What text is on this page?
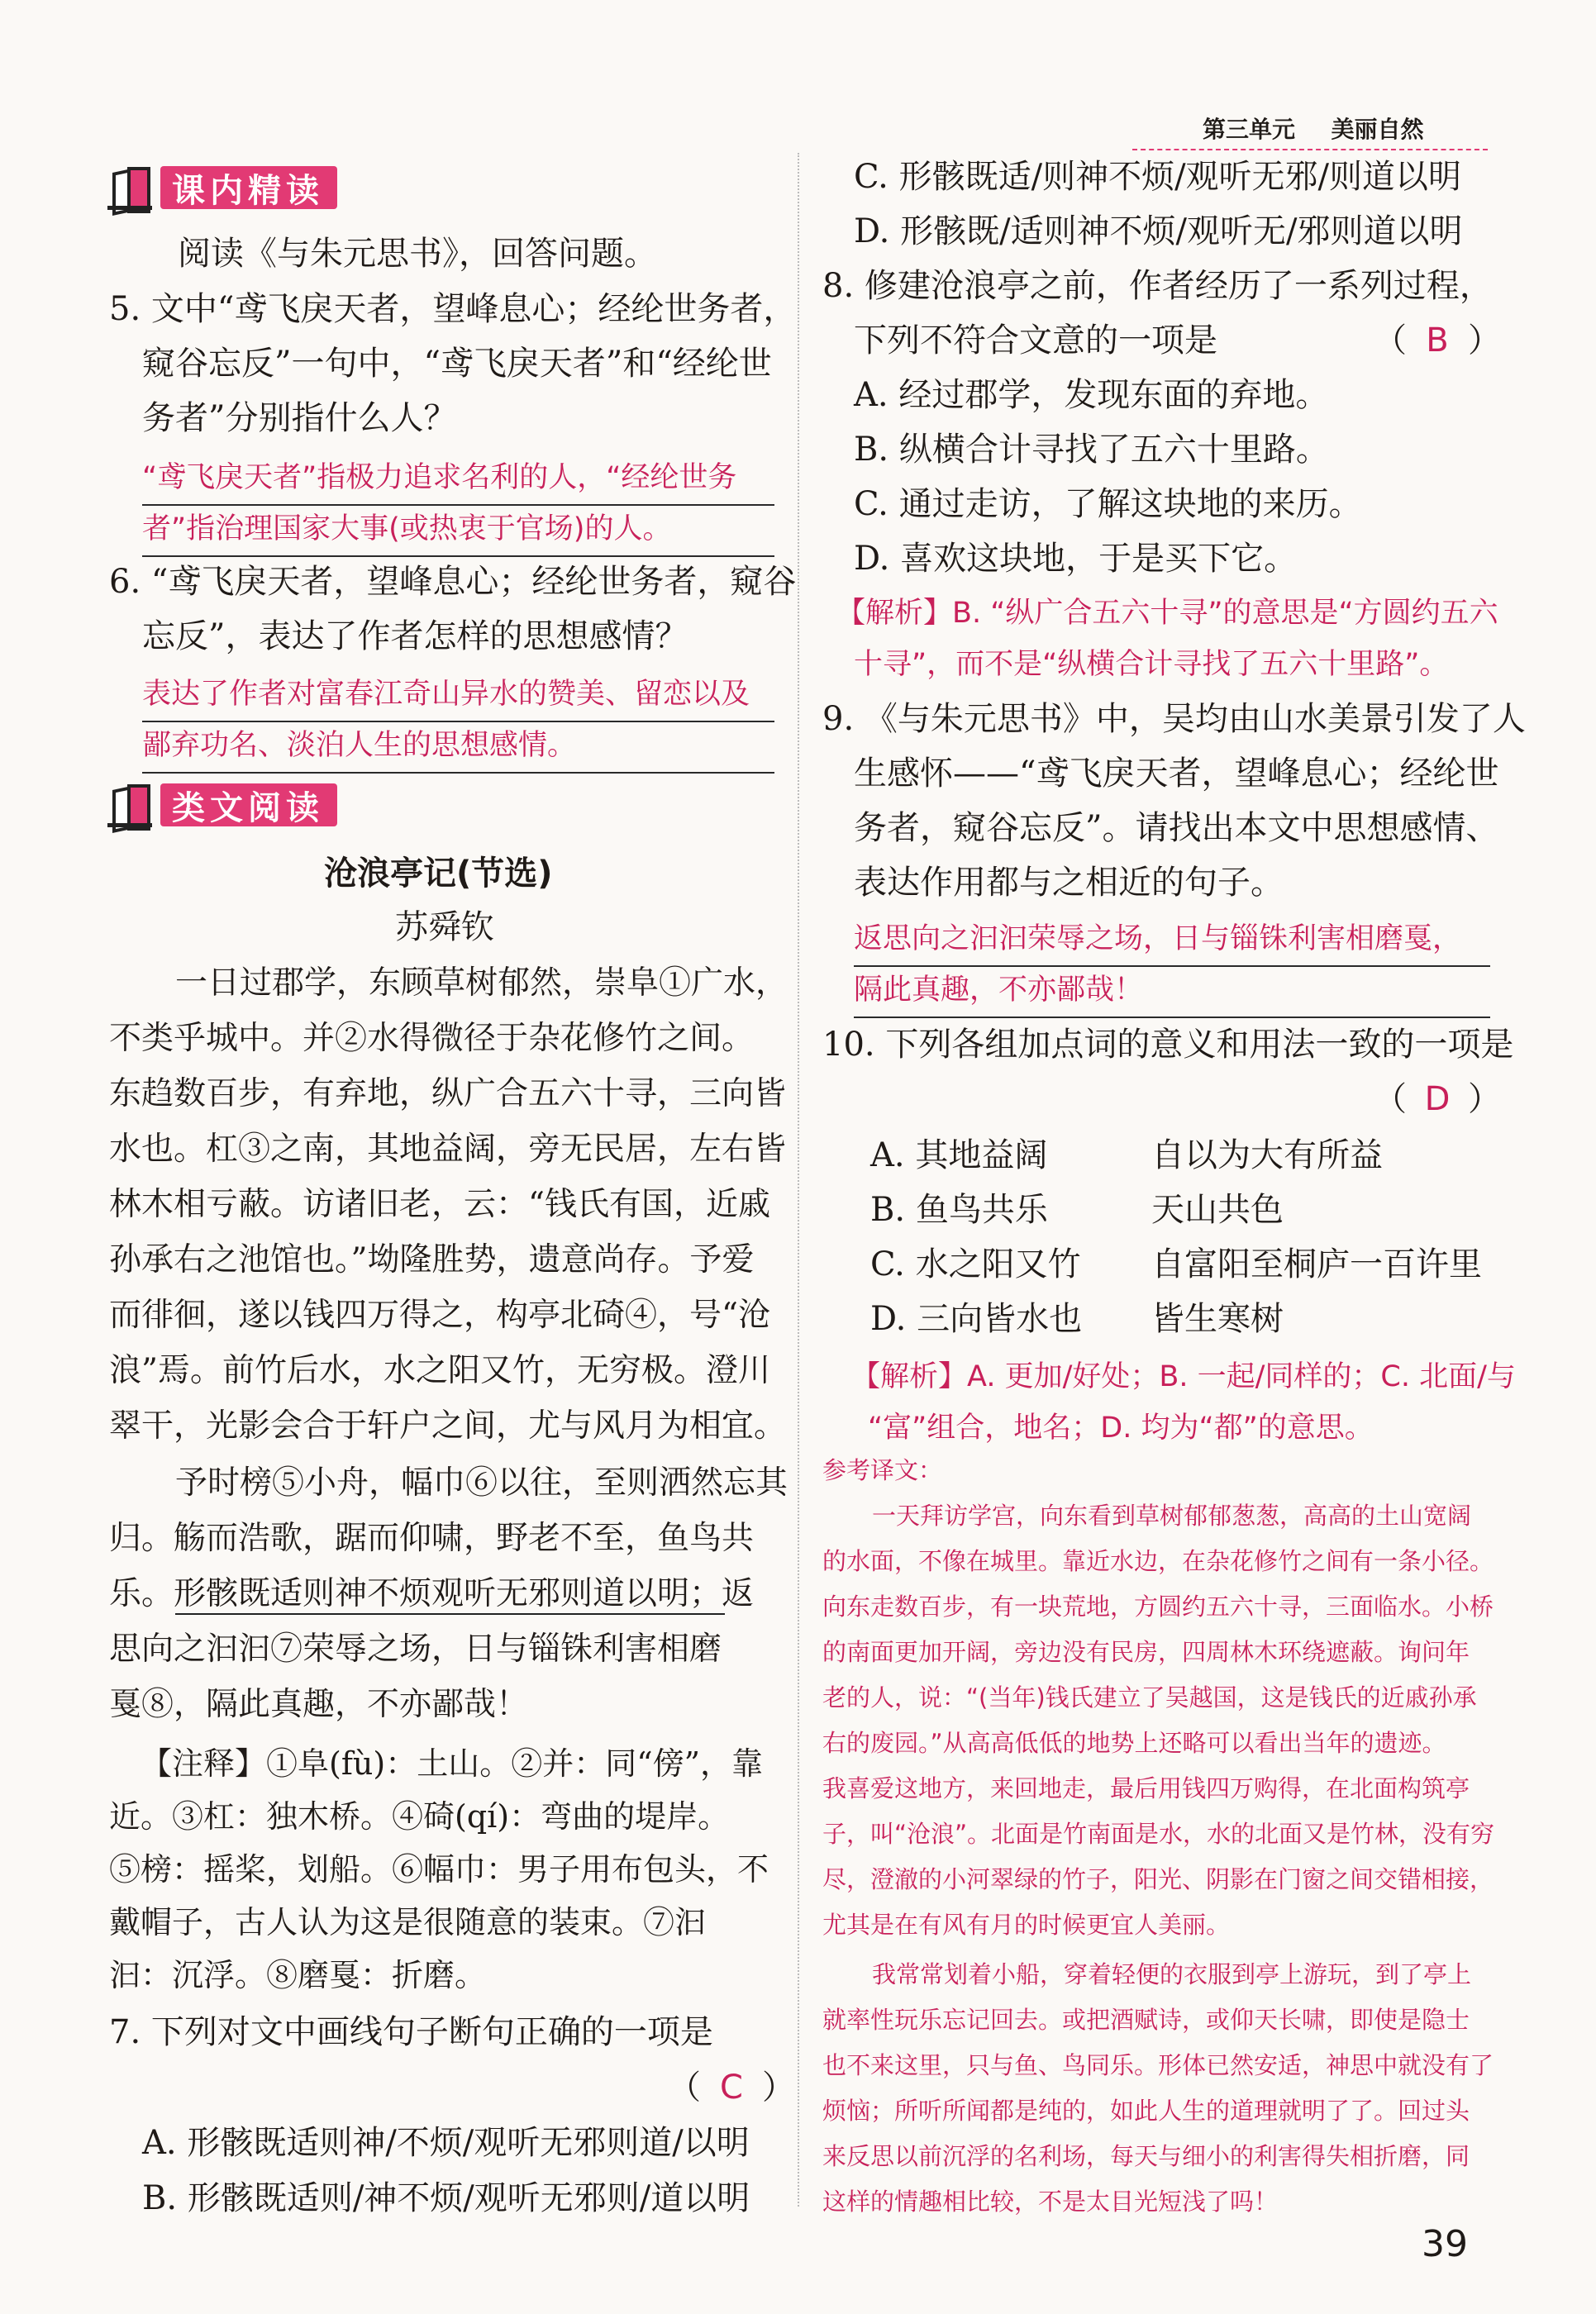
第三单元 美丽自然
课内精读
阅读《与朱元思书》，回答问题。
5. 文中“鸢飞戾天者，望峰息心；经纶世务者，
窥谷忘反”一句中，“鸢飞戾天者”和“经纶世
务者”分别指什么人？
“鸢飞戾天者”指极力追求名利的人，“经纶世务
者”指治理国家大事(或热衷于官场)的人。
6. “鸢飞戾天者，望峰息心；经纶世务者，窥谷
忘反”，表达了作者怎样的思想感情？
表达了作者对富春江奇山异水的赞美、留恋以及
鄙弃功名、淡泊人生的思想感情。
类文阅读
沧浪亭记(节选)
苏舜钦
一日过郡学，东顾草树郁然，崇阜①广水，
不类乎城中。并②水得微径于杂花修竹之间。
东趋数百步，有弃地，纵广合五六十寻，三向皆
水也。杠③之南，其地益阔，旁无民居，左右皆
林木相亏蔽。访诸旧老，云：“钱氏有国，近戚
孙承右之池馆也。”坳隆胜势，遗意尚存。予爱
而徘徊，遂以钱四万得之，构亭北碕④，号“沧
浪”焉。前竹后水，水之阳又竹，无穷极。澄川
翠干，光影会合于轩户之间，尤与风月为相宜。
予时榜⑤小舟，幅巾⑥以往，至则洒然忘其
归。觞而浩歌，踞而仰啸，野老不至，鱼鸟共
乐。形骸既适则神不烦观听无邪则道以明；返
思向之汩汩⑦荣辱之场，日与锱铢利害相磨
戛⑧，隔此真趣，不亦鄙哉！
【注释】①阜(fù)：土山。②并：同“傍”，靠
近。③杠：独木桥。④碕(qí)：弯曲的堤岸。
⑤榜：摇桨，划船。⑥幅巾：男子用布包头，不
戴帽子，古人认为这是很随意的装束。⑦汩
汩：沉浮。⑧磨戛：折磨。
7. 下列对文中画线句子断句正确的一项是
（ C ）
A. 形骸既适则神/不烦/观听无邪则道/以明
B. 形骸既适则/神不烦/观听无邪则/道以明
C. 形骸既适/则神不烦/观听无邪/则道以明
D. 形骸既/适则神不烦/观听无/邪则道以明
8. 修建沧浪亭之前，作者经历了一系列过程，
下列不符合文意的一项是	（ B ）
A. 经过郡学，发现东面的弃地。
B. 纵横合计寻找了五六十里路。
C. 通过走访，了解这块地的来历。
D. 喜欢这块地，于是买下它。
【解析】B. “纵广合五六十寻”的意思是“方圆约五六
十寻”，而不是“纵横合计寻找了五六十里路”。
9. 《与朱元思书》中，吴均由山水美景引发了人
生感怀——“鸢飞戾天者，望峰息心；经纶世
务者，窥谷忘反”。请找出本文中思想感情、
表达作用都与之相近的句子。
返思向之汩汩荣辱之场，日与锱铢利害相磨戛，
隔此真趣，不亦鄙哉！
10. 下列各组加点词的意义和用法一致的一项是
（ D ）
A. 其地益阔	自以为大有所益
B. 鱼鸟共乐	天山共色
C. 水之阳又竹 自富阳至桐庐一百许里
D. 三向皆水也 皆生寒树
【解析】A. 更加/好处；B. 一起/同样的；C. 北面/与
“富”组合，地名；D. 均为“都”的意思。
参考译文：
一天拜访学宫，向东看到草树郁郁葱葱，高高的土山宽阔
的水面，不像在城里。靠近水边，在杂花修竹之间有一条小径。
向东走数百步，有一块荒地，方圆约五六十寻，三面临水。小桥
的南面更加开阔，旁边没有民房，四周林木环绕遮蔽。询问年
老的人，说：“(当年)钱氏建立了吴越国，这是钱氏的近戚孙承
右的废园。”从高高低低的地势上还略可以看出当年的遗迹。
我喜爱这地方，来回地走，最后用钱四万购得，在北面构筑亭
子，叫“沧浪”。北面是竹南面是水，水的北面又是竹林，没有穷
尽，澄澈的小河翠绿的竹子，阳光、阴影在门窗之间交错相接，
尤其是在有风有月的时候更宜人美丽。
我常常划着小船，穿着轻便的衣服到亭上游玩，到了亭上
就率性玩乐忘记回去。或把酒赋诗，或仰天长啸，即使是隐士
也不来这里，只与鱼、鸟同乐。形体已然安适，神思中就没有了
烦恼；所听所闻都是纯的，如此人生的道理就明了了。回过头
来反思以前沉浮的名利场，每天与细小的利害得失相折磨，同
这样的情趣相比较，不是太目光短浅了吗！
39
